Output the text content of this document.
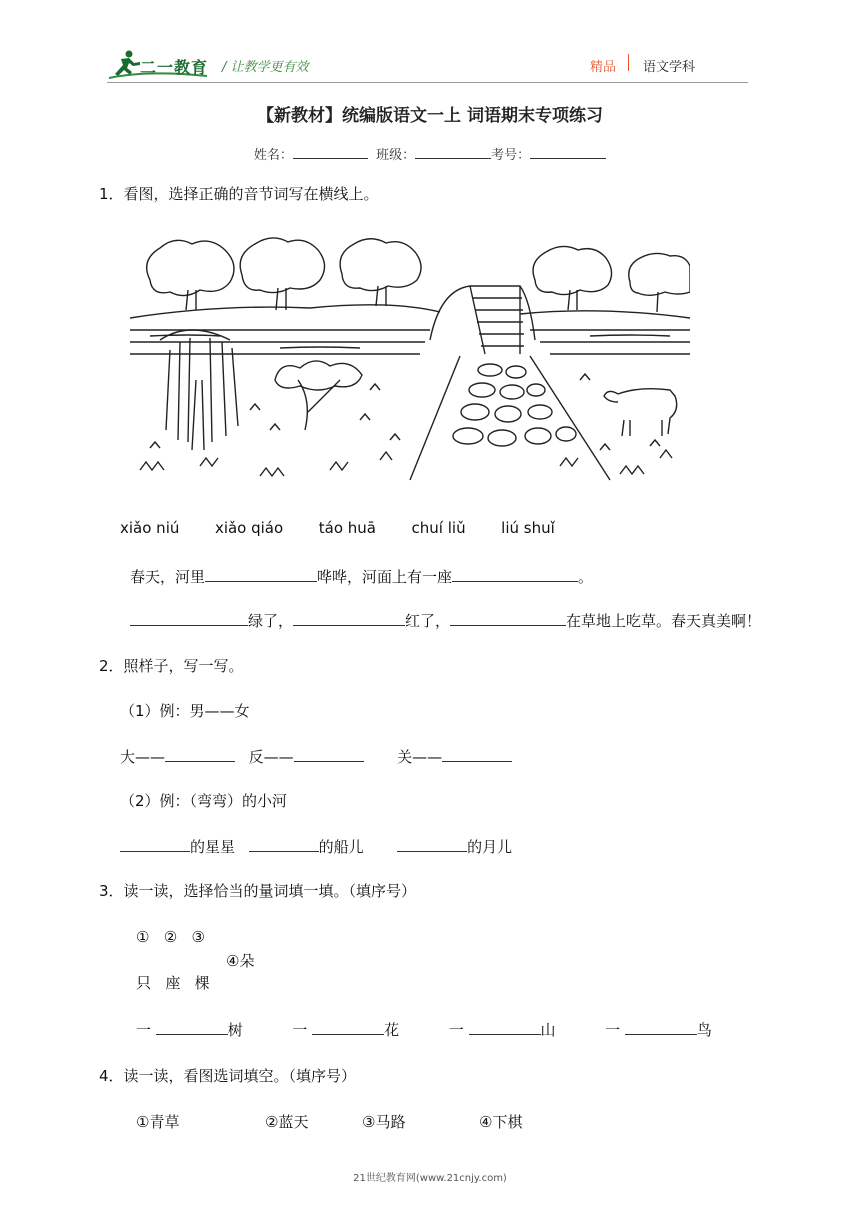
二一教育 / 让教学更有效	精品 语文学科
【新教材】统编版语文一上 词语期末专项练习
姓名：	班级：	考号：
1．看图，选择正确的音节词写在横线上。
xiǎo niú xiǎo qiáo táo huā chuí liǔ liú shuǐ
春天，河里	哗哗，河面上有一座	。
绿了，	红了，	在草地上吃草。春天真美啊！
2．照样子，写一写。
（1）例：男——女
大——	反——	关——
（2）例：（弯弯）的小河
的星星	的船儿	的月儿
3．读一读，选择恰当的量词填一填。（填序号）
① ② ③
④朵
只 座 棵
一	树	一	花	一	山	一	鸟
4．读一读，看图选词填空。（填序号）
①青草	②蓝天	③马路	④下棋
21世纪教育网(www.21cnjy.com)
